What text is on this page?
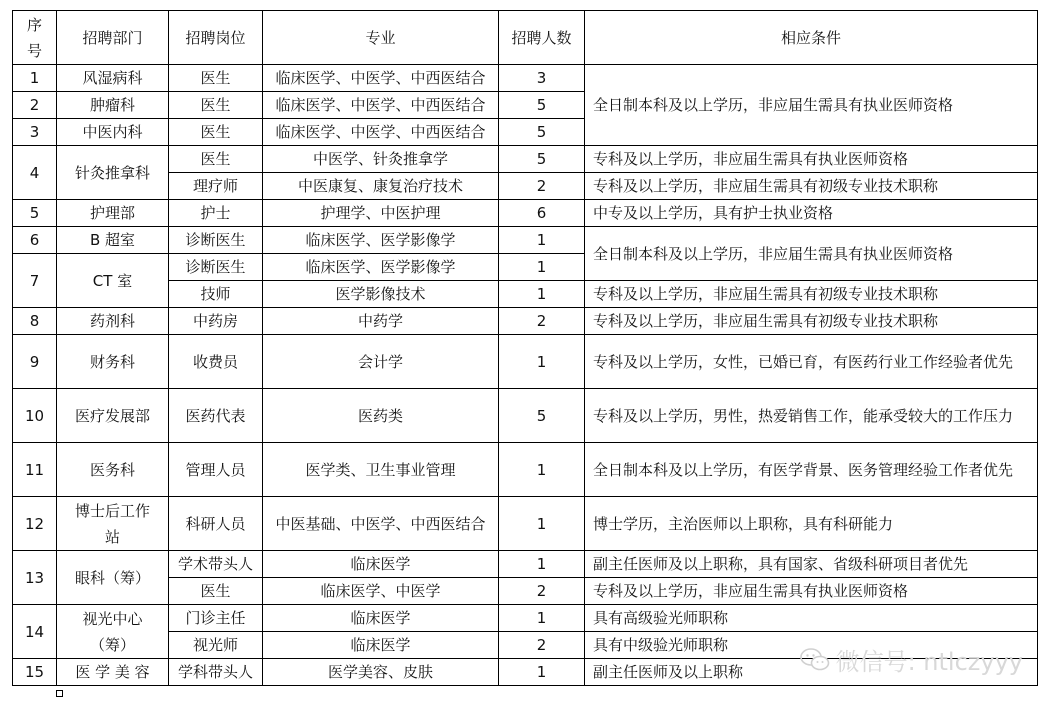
序号	招聘部门	招聘岗位	专业	招聘人数	相应条件
1	风湿病科	医生	临床医学、中医学、中西医结合	3	全日制本科及以上学历，非应届生需具有执业医师资格
2	肿瘤科	医生	临床医学、中医学、中西医结合	5	
3	中医内科	医生	临床医学、中医学、中西医结合	5	
4	针灸推拿科	医生	中医学、针灸推拿学	5	专科及以上学历，非应届生需具有执业医师资格
		理疗师	中医康复、康复治疗技术	2	专科及以上学历，非应届生需具有初级专业技术职称
5	护理部	护士	护理学、中医护理	6	中专及以上学历，具有护士执业资格
6	B 超室	诊断医生	临床医学、医学影像学	1	全日制本科及以上学历，非应届生需具有执业医师资格
7	CT 室	诊断医生	临床医学、医学影像学	1	
		技师	医学影像技术	1	专科及以上学历，非应届生需具有初级专业技术职称
8	药剂科	中药房	中药学	2	专科及以上学历，非应届生需具有初级专业技术职称
9	财务科	收费员	会计学	1	专科及以上学历，女性，已婚已育，有医药行业工作经验者优先
10	医疗发展部	医药代表	医药类	5	专科及以上学历，男性，热爱销售工作，能承受较大的工作压力
11	医务科	管理人员	医学类、卫生事业管理	1	全日制本科及以上学历，有医学背景、医务管理经验工作者优先
12	博士后工作站	科研人员	中医基础、中医学、中西医结合	1	博士学历，主治医师以上职称，具有科研能力
13	眼科（筹）	学术带头人	临床医学	1	副主任医师及以上职称，具有国家、省级科研项目者优先
		医生	临床医学、中医学	2	专科及以上学历，非应届生需具有执业医师资格
14	视光中心（筹）	门诊主任	临床医学	1	具有高级验光师职称
		视光师	临床医学	2	具有中级验光师职称
15	医 学 美 容	学科带头人	医学美容、皮肤	1	副主任医师及以上职称	微信号: ntlczyyy
